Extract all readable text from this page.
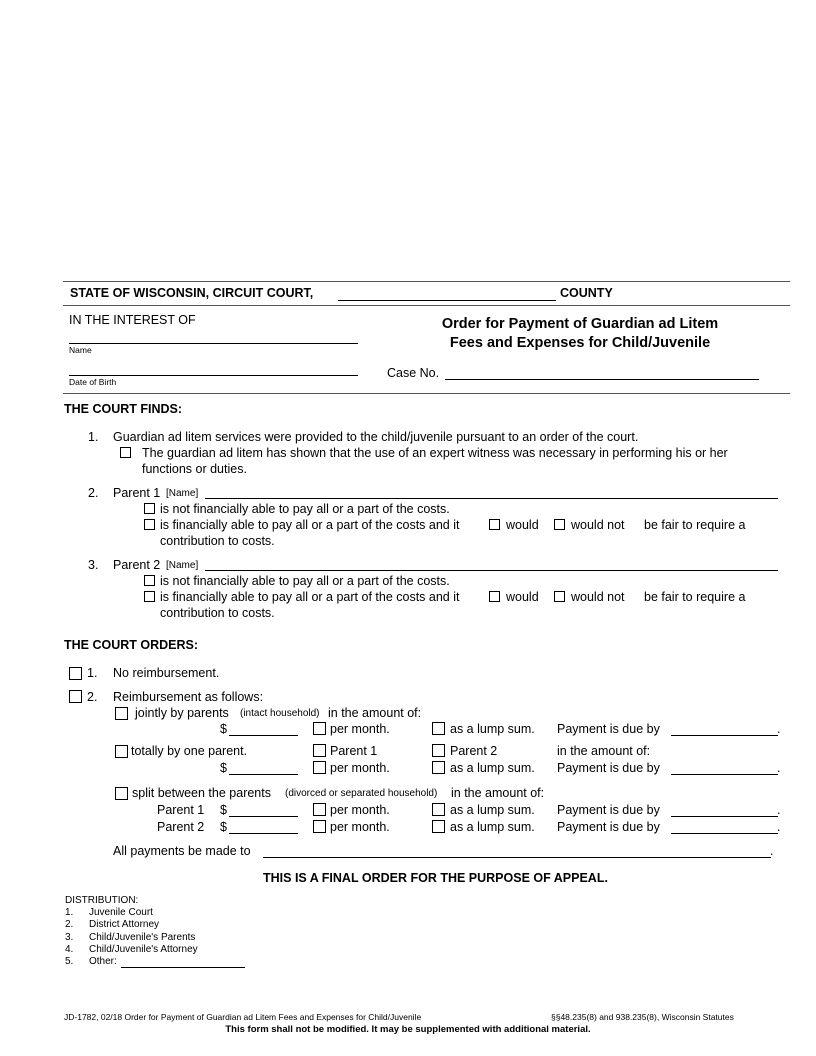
STATE OF WISCONSIN, CIRCUIT COURT,	COUNTY
IN THE INTEREST OF
Name
Date of Birth
Order for Payment of Guardian ad Litem
Fees and Expenses for Child/Juvenile
Case No.
THE COURT FINDS:
1. Guardian ad litem services were provided to the child/juvenile pursuant to an order of the court.
The guardian ad litem has shown that the use of an expert witness was necessary in performing his or her
functions or duties.
2. Parent 1 [Name]
is not financially able to pay all or a part of the costs.
is financially able to pay all or a part of the costs and it	would	would not be fair to require a
contribution to costs.
3. Parent 2 [Name]
is not financially able to pay all or a part of the costs.
is financially able to pay all or a part of the costs and it	would	would not be fair to require a
contribution to costs.
THE COURT ORDERS:
1. No reimbursement.
2. Reimbursement as follows:
jointly by parents (intact household) in the amount of:
$	per month.	as a lump sum. Payment is due by	.
totally by one parent.	Parent 1	Parent 2	in the amount of:
$	per month.	as a lump sum. Payment is due by	.
split between the parents (divorced or separated household) in the amount of:
Parent 1 $	per month.	as a lump sum. Payment is due by	.
Parent 2 $	per month.	as a lump sum. Payment is due by	.
All payments be made to	.
THIS IS A FINAL ORDER FOR THE PURPOSE OF APPEAL.
DISTRIBUTION:
1. Juvenile Court
2. District Attorney
3. Child/Juvenile's Parents
4. Child/Juvenile's Attorney
5. Other:
JD-1782, 02/18 Order for Payment of Guardian ad Litem Fees and Expenses for Child/Juvenile	§§48.235(8) and 938.235(8), Wisconsin Statutes
This form shall not be modified. It may be supplemented with additional material.
